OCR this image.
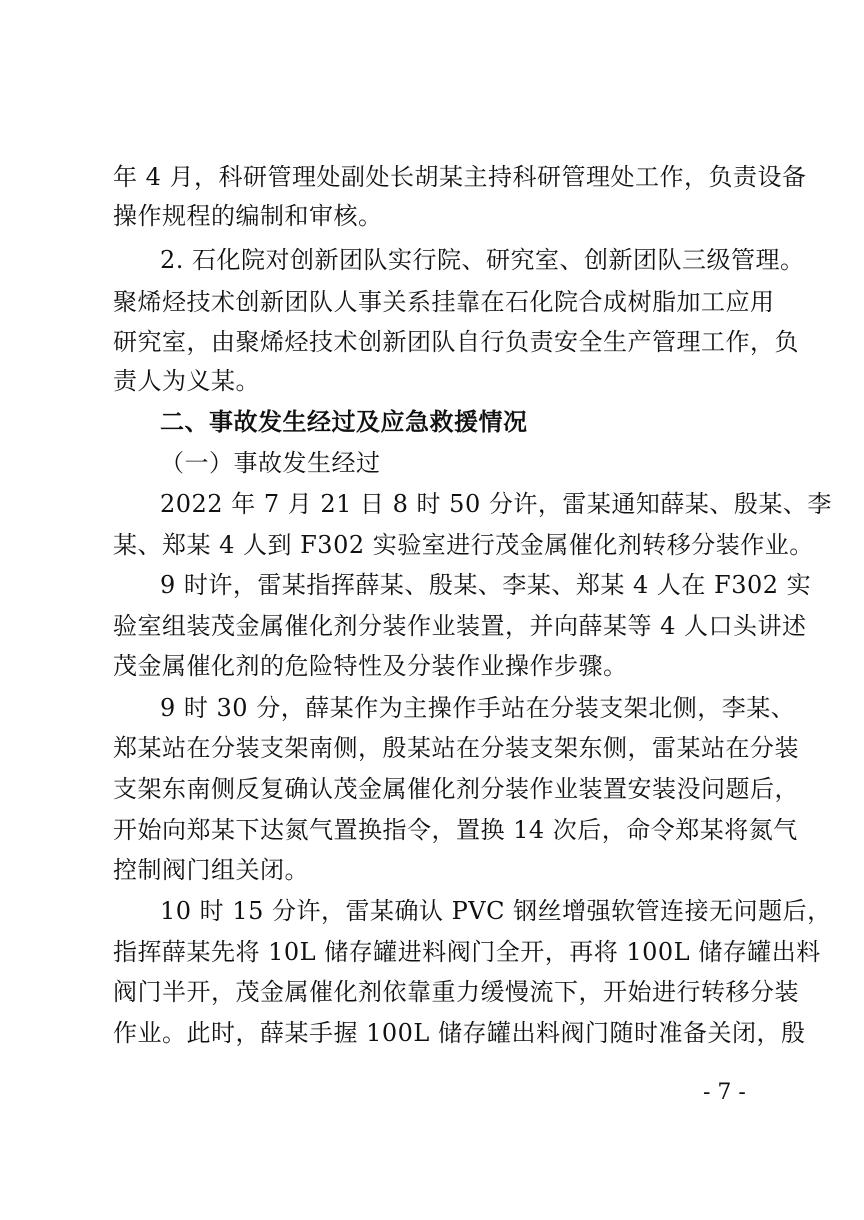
年 4 月，科研管理处副处长胡某主持科研管理处工作，负责设备
操作规程的编制和审核。
2. 石化院对创新团队实行院、研究室、创新团队三级管理。
聚烯烃技术创新团队人事关系挂靠在石化院合成树脂加工应用
研究室，由聚烯烃技术创新团队自行负责安全生产管理工作，负
责人为义某。
二、事故发生经过及应急救援情况
（一）事故发生经过
2022 年 7 月 21 日 8 时 50 分许，雷某通知薛某、殷某、李
某、郑某 4 人到 F302 实验室进行茂金属催化剂转移分装作业。
9 时许，雷某指挥薛某、殷某、李某、郑某 4 人在 F302 实
验室组装茂金属催化剂分装作业装置，并向薛某等 4 人口头讲述
茂金属催化剂的危险特性及分装作业操作步骤。
9 时 30 分，薛某作为主操作手站在分装支架北侧，李某、
郑某站在分装支架南侧，殷某站在分装支架东侧，雷某站在分装
支架东南侧反复确认茂金属催化剂分装作业装置安装没问题后，
开始向郑某下达氮气置换指令，置换 14 次后，命令郑某将氮气
控制阀门组关闭。
10 时 15 分许，雷某确认 PVC 钢丝增强软管连接无问题后，
指挥薛某先将 10L 储存罐进料阀门全开，再将 100L 储存罐出料
阀门半开，茂金属催化剂依靠重力缓慢流下，开始进行转移分装
作业。此时，薛某手握 100L 储存罐出料阀门随时准备关闭，殷
- 7 -
